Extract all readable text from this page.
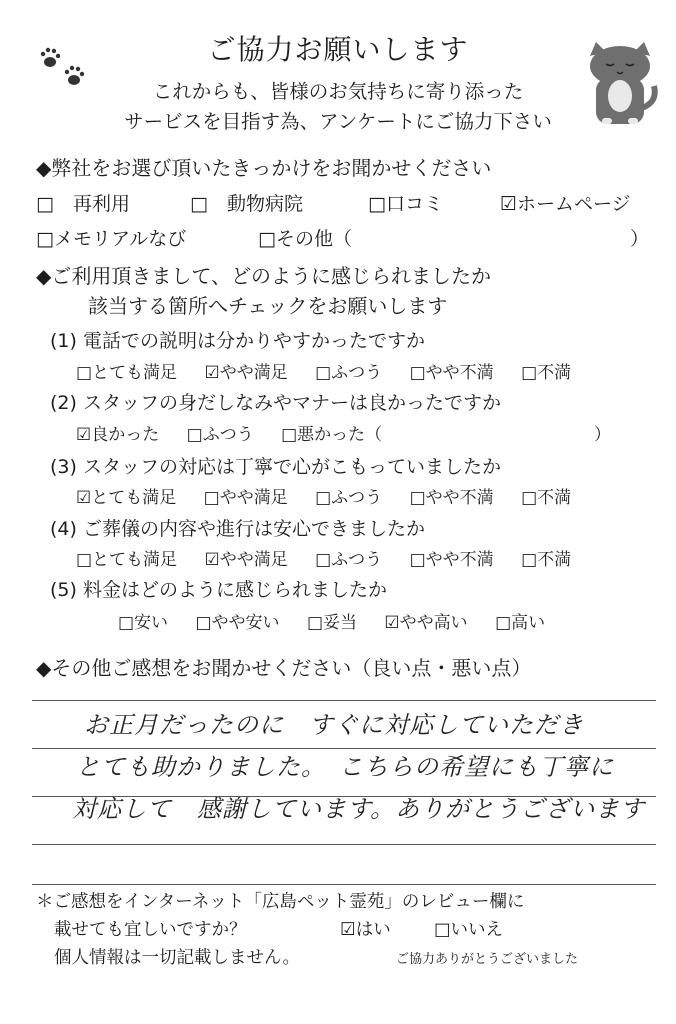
ご協力お願いします
これからも、皆様のお気持ちに寄り添った
サービスを目指す為、アンケートにご協力下さい
◆弊社をお選び頂いたきっかけをお聞かせください
□　再利用	□　動物病院	□口コミ	☑ホームページ
□メモリアルなび	□その他（	）
◆ご利用頂きまして、どのように感じられましたか
該当する箇所へチェックをお願いします
(1) 電話での説明は分かりやすかったですか
□とても満足 ☑やや満足 □ふつう □やや不満 □不満
(2) スタッフの身だしなみやマナーは良かったですか
☑良かった □ふつう □悪かった（	）
(3) スタッフの対応は丁寧で心がこもっていましたか
☑とても満足 □やや満足 □ふつう □やや不満 □不満
(4) ご葬儀の内容や進行は安心できましたか
□とても満足 ☑やや満足 □ふつう □やや不満 □不満
(5) 料金はどのように感じられましたか
□安い □やや安い □妥当 ☑やや高い □高い
◆その他ご感想をお聞かせください（良い点・悪い点）
お正月だったのに　すぐに対応していただき
とても助かりました。　こちらの希望にも丁寧に
対応して　感謝しています。ありがとうございます
＊ご感想をインターネット「広島ペット霊苑」のレビュー欄に
載せても宜しいですか？	☑はい □いいえ
個人情報は一切記載しません。	ご協力ありがとうございました
